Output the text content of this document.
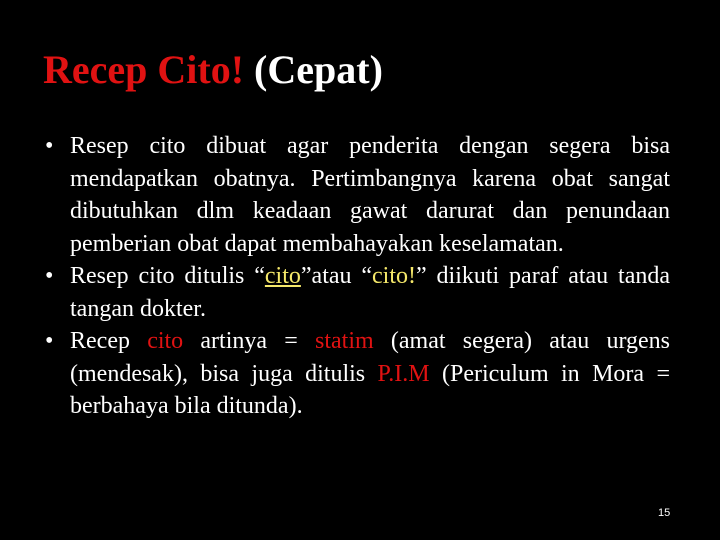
Recep Cito! (Cepat)

• Resep cito dibuat agar penderita dengan segera bisa mendapatkan obatnya. Pertimbangnya karena obat sangat dibutuhkan dlm keadaan gawat darurat dan penundaan pemberian obat dapat membahayakan keselamatan.

• Resep cito ditulis “cito”atau “cito!” diikuti paraf atau tanda tangan dokter.

• Recep cito artinya = statim (amat segera) atau urgens (mendesak), bisa juga ditulis P.I.M (Periculum in Mora = berbahaya bila ditunda).

15
